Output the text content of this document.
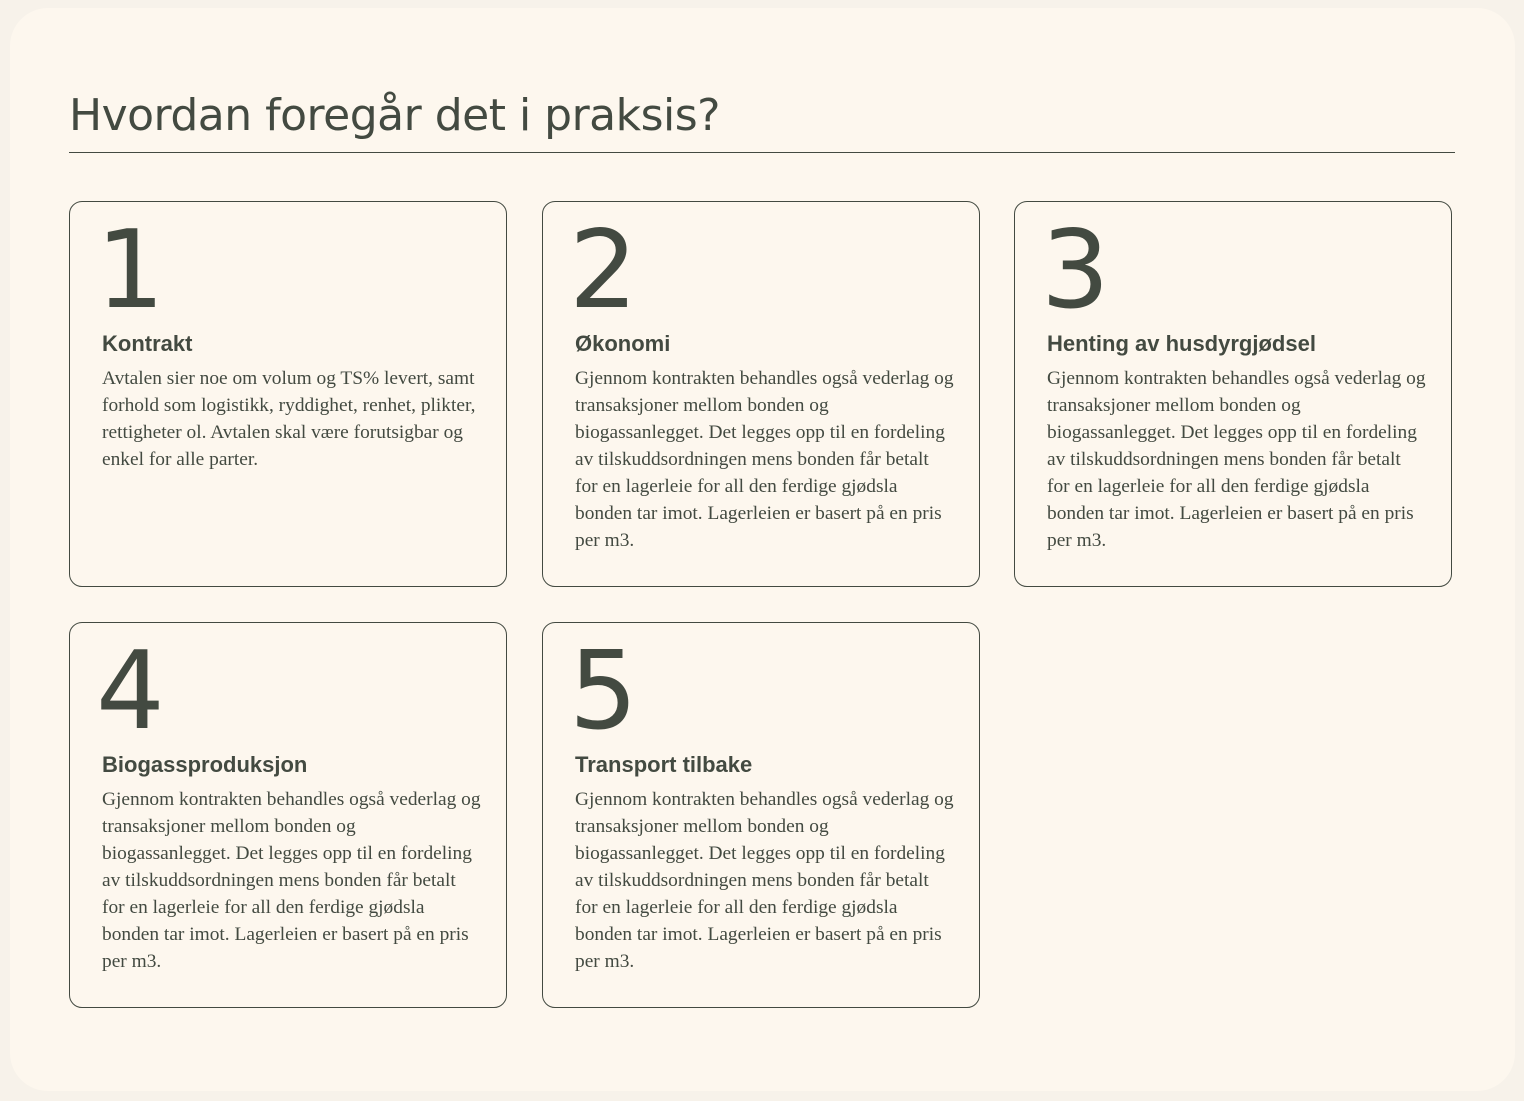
Hvordan foregår det i praksis?
1
Kontrakt

Avtalen sier noe om volum og TS% levert, samt forhold som logistikk, ryddighet, renhet, plikter, rettigheter ol. Avtalen skal være forutsigbar og enkel for alle parter.

2
Økonomi

Gjennom kontrakten behandles også vederlag og transaksjoner mellom bonden og biogassanlegget. Det legges opp til en fordeling av tilskuddsordningen mens bonden får betalt for en lagerleie for all den ferdige gjødsla bonden tar imot. Lagerleien er basert på en pris per m3.

3
Henting av husdyrgjødsel

Gjennom kontrakten behandles også vederlag og transaksjoner mellom bonden og biogassanlegget. Det legges opp til en fordeling av tilskuddsordningen mens bonden får betalt for en lagerleie for all den ferdige gjødsla bonden tar imot. Lagerleien er basert på en pris per m3.

4
Biogassproduksjon

Gjennom kontrakten behandles også vederlag og transaksjoner mellom bonden og biogassanlegget. Det legges opp til en fordeling av tilskuddsordningen mens bonden får betalt for en lagerleie for all den ferdige gjødsla bonden tar imot. Lagerleien er basert på en pris per m3.

5
Transport tilbake

Gjennom kontrakten behandles også vederlag og transaksjoner mellom bonden og biogassanlegget. Det legges opp til en fordeling av tilskuddsordningen mens bonden får betalt for en lagerleie for all den ferdige gjødsla bonden tar imot. Lagerleien er basert på en pris per m3.
